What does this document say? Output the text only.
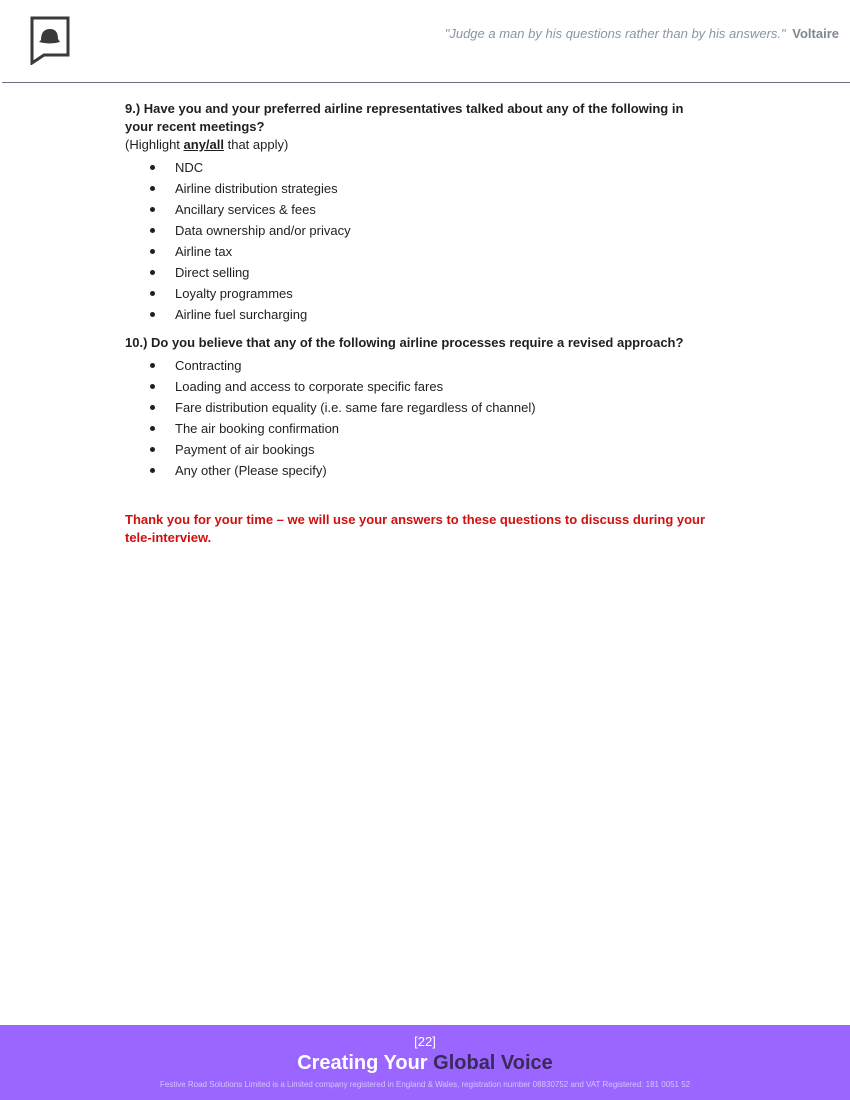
"Judge a man by his questions rather than by his answers." Voltaire

9.) Have you and your preferred airline representatives talked about any of the following in
your recent meetings?

(Highlight any/all that apply)

NDC
Airline distribution strategies
Ancillary services & fees
Data ownership and/or privacy
Airline tax
Direct selling
Loyalty programmes
Airline fuel surcharging

10.) Do you believe that any of the following airline processes require a revised approach?

Contracting
Loading and access to corporate specific fares
Fare distribution equality (i.e. same fare regardless of channel)
The air booking confirmation
Payment of air bookings
Any other (Please specify)

Thank you for your time – we will use your answers to these questions to discuss during your
tele-interview.

[22]
Creating Your Global Voice
Festive Road Solutions Limited is a Limited company registered in England & Wales, registration number 08830752 and VAT Registered: 181 0051 52
